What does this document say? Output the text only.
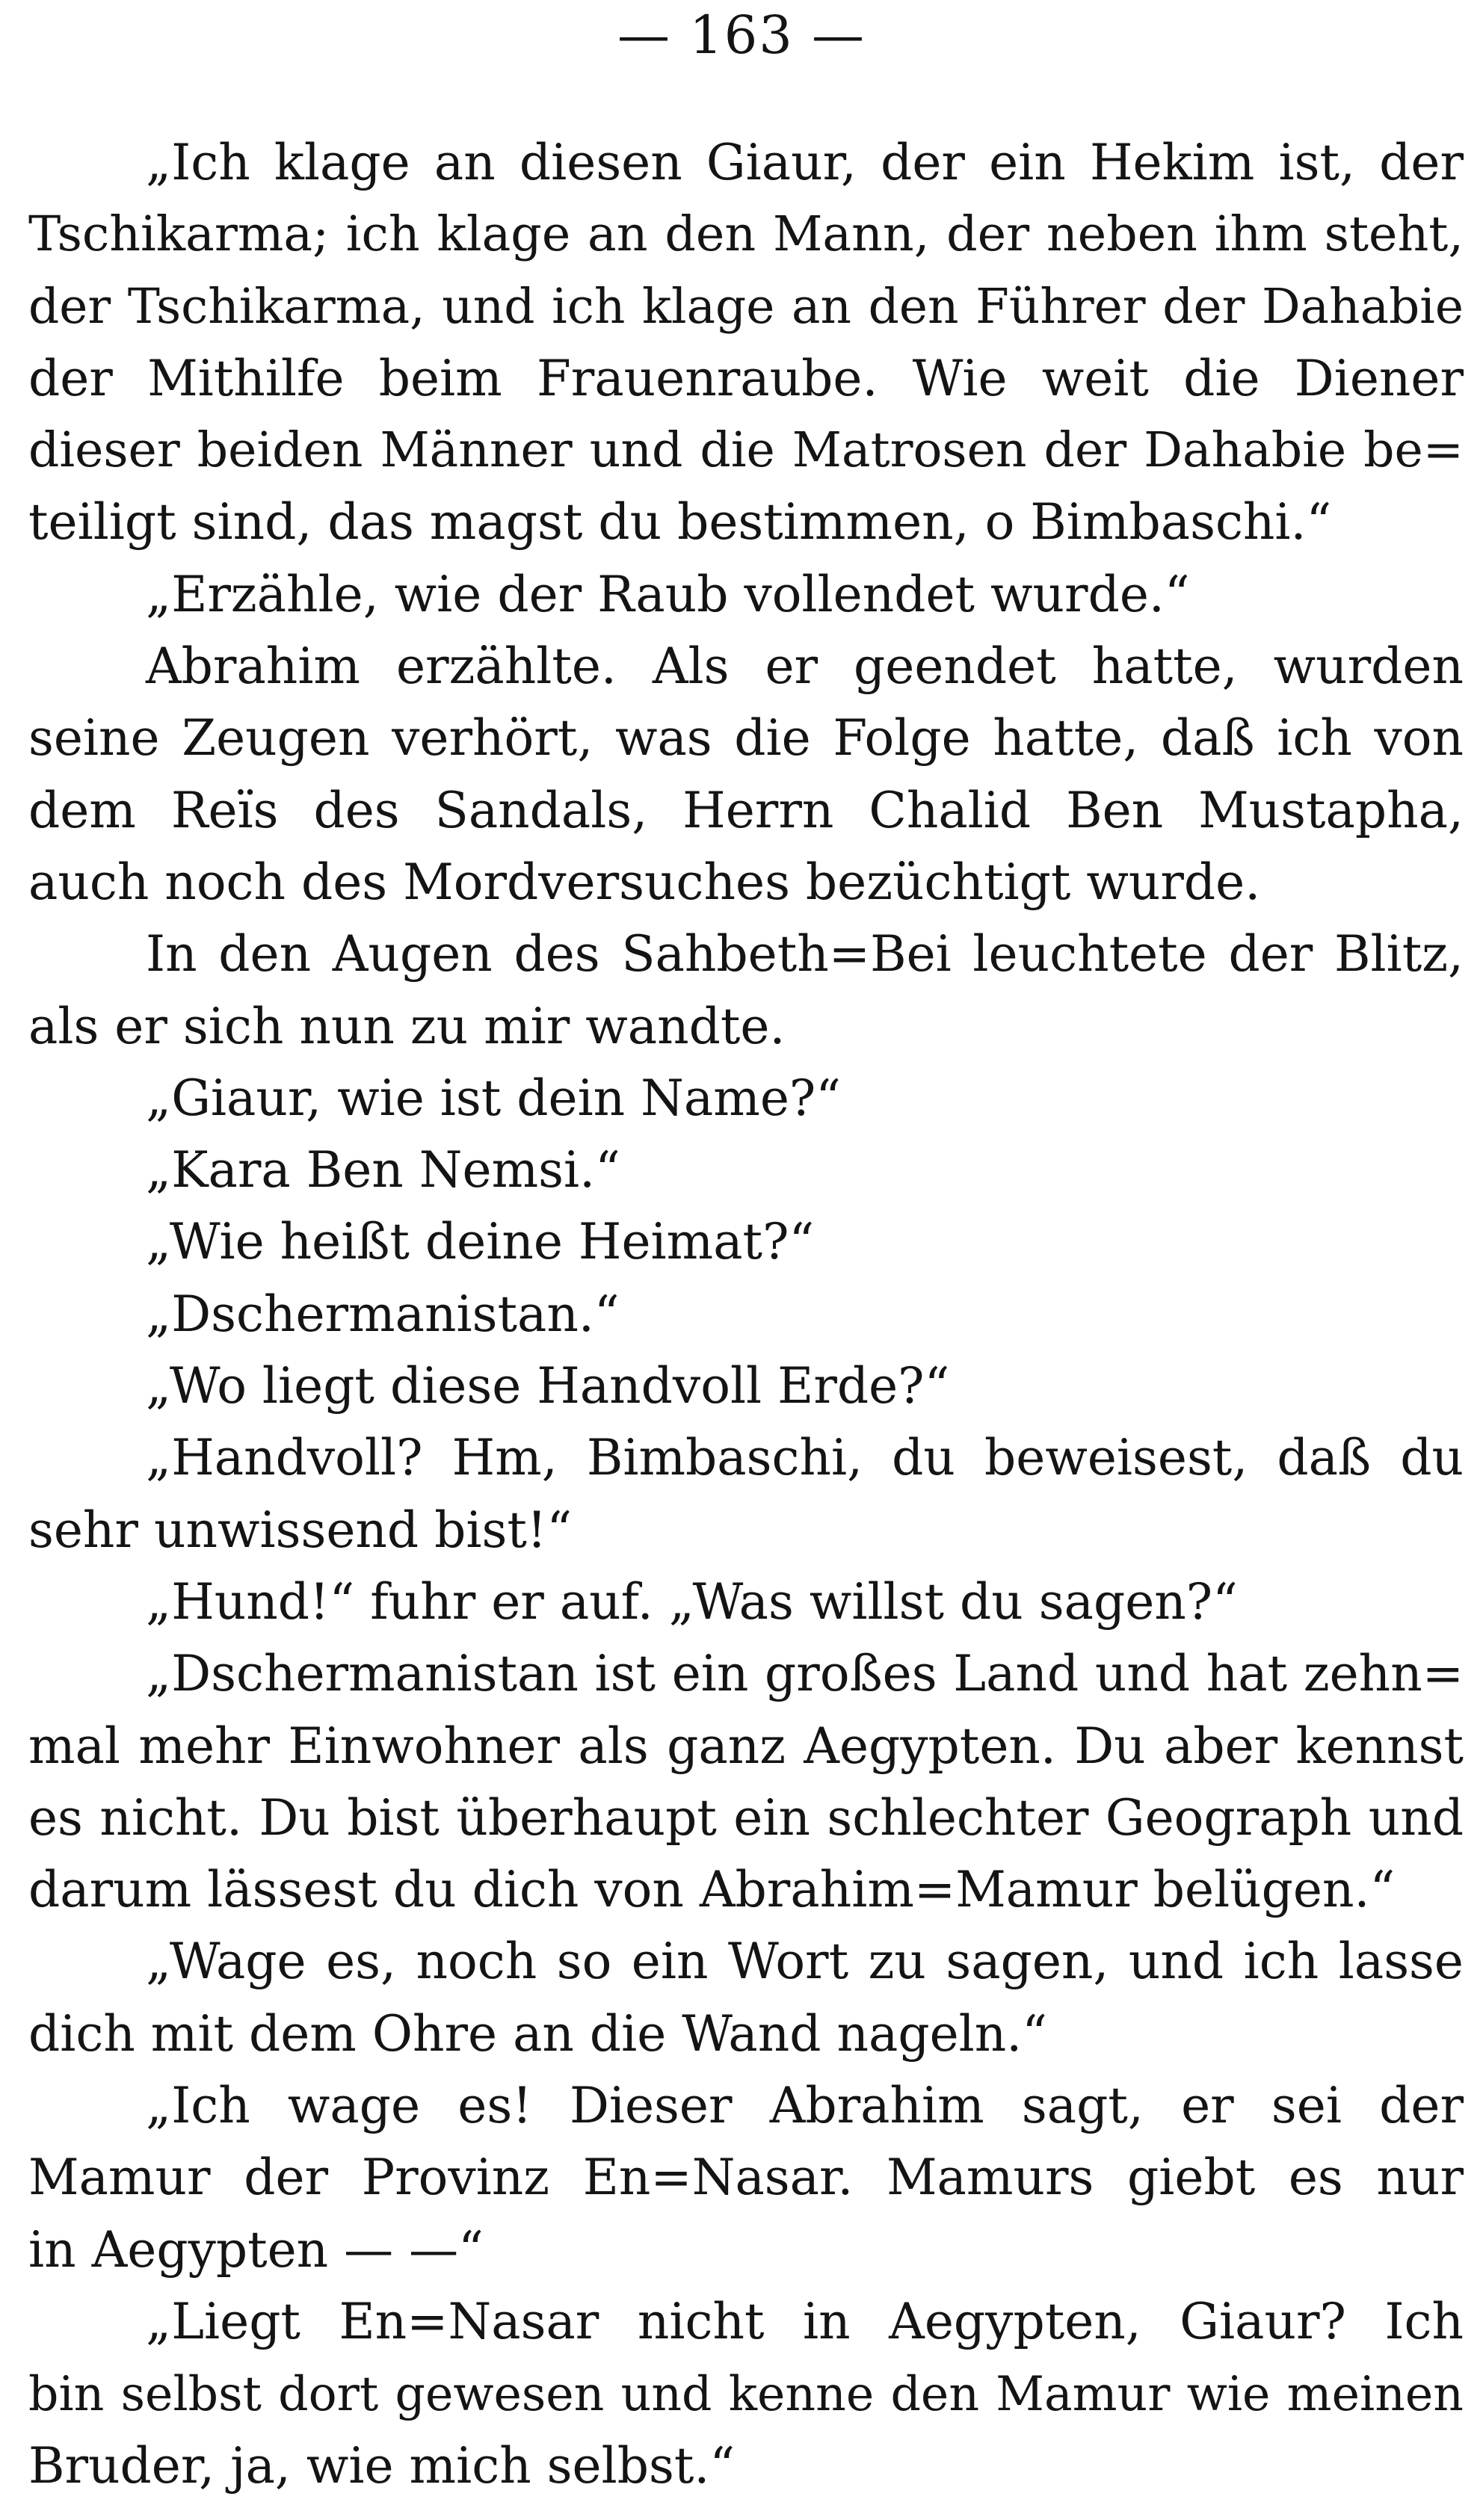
— 163 —
„Ich klage an diesen Giaur, der ein Hekim ist, der
Tschikarma; ich klage an den Mann, der neben ihm steht,
der Tschikarma, und ich klage an den Führer der Dahabie
der Mithilfe beim Frauenraube. Wie weit die Diener
dieser beiden Männer und die Matrosen der Dahabie be=
teiligt sind, das magst du bestimmen, o Bimbaschi.“
„Erzähle, wie der Raub vollendet wurde.“
Abrahim erzählte. Als er geendet hatte, wurden
seine Zeugen verhört, was die Folge hatte, daß ich von
dem Reïs des Sandals, Herrn Chalid Ben Mustapha,
auch noch des Mordversuches bezüchtigt wurde.
In den Augen des Sahbeth=Bei leuchtete der Blitz,
als er sich nun zu mir wandte.
„Giaur, wie ist dein Name?“
„Kara Ben Nemsi.“
„Wie heißt deine Heimat?“
„Dschermanistan.“
„Wo liegt diese Handvoll Erde?“
„Handvoll? Hm, Bimbaschi, du beweisest, daß du
sehr unwissend bist!“
„Hund!“ fuhr er auf. „Was willst du sagen?“
„Dschermanistan ist ein großes Land und hat zehn=
mal mehr Einwohner als ganz Aegypten. Du aber kennst
es nicht. Du bist überhaupt ein schlechter Geograph und
darum lässest du dich von Abrahim=Mamur belügen.“
„Wage es, noch so ein Wort zu sagen, und ich lasse
dich mit dem Ohre an die Wand nageln.“
„Ich wage es! Dieser Abrahim sagt, er sei der
Mamur der Provinz En=Nasar. Mamurs giebt es nur
in Aegypten — —“
„Liegt En=Nasar nicht in Aegypten, Giaur? Ich
bin selbst dort gewesen und kenne den Mamur wie meinen
Bruder, ja, wie mich selbst.“
